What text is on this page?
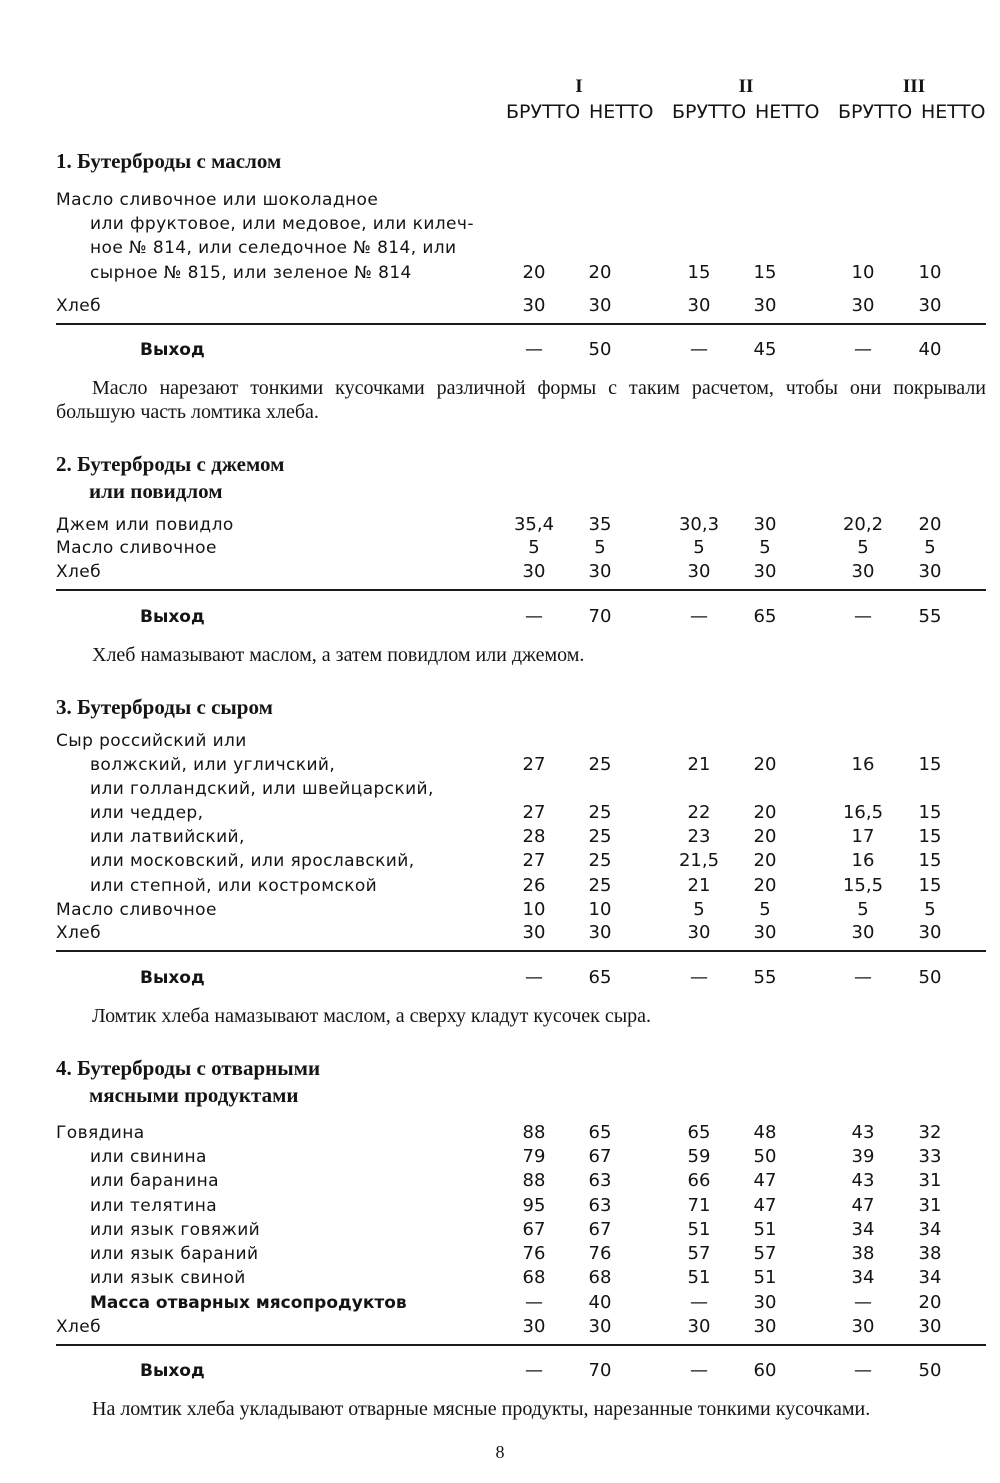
I	II	III
БРУТТО НЕТТО БРУТТО НЕТТО БРУТТО НЕТТО
1. Бутерброды с маслом
Масло сливочное или шоколадное
или фруктовое, или медовое, или килеч-
ное № 814, или селедочное № 814, или
сырное № 815, или зеленое № 814	20	20	15	15	10	10
Хлеб	30	30	30	30	30	30
Выход	—	50	—	45	—	40
Масло нарезают тонкими кусочками различной формы с таким расчетом, чтобы они покрывали большую часть ломтика хлеба.
2. Бутерброды с джемом
или повидлом
Джем или повидло	35,4	35	30,3	30	20,2	20
Масло сливочное	5	5	5	5	5	5
Хлеб	30	30	30	30	30	30
Выход	—	70	—	65	—	55
Хлеб намазывают маслом, а затем повидлом или джемом.
3. Бутерброды с сыром
Сыр российский или
волжский, или угличский,	27	25	21	20	16	15
или голландский, или швейцарский,
или чеддер,	27	25	22	20	16,5	15
или латвийский,	28	25	23	20	17	15
или московский, или ярославский,	27	25	21,5	20	16	15
или степной, или костромской	26	25	21	20	15,5	15
Масло сливочное	10	10	5	5	5	5
Хлеб	30	30	30	30	30	30
Выход	—	65	—	55	—	50
Ломтик хлеба намазывают маслом, а сверху кладут кусочек сыра.
4. Бутерброды с отварными
мясными продуктами
Говядина	88	65	65	48	43	32
или свинина	79	67	59	50	39	33
или баранина	88	63	66	47	43	31
или телятина	95	63	71	47	47	31
или язык говяжий	67	67	51	51	34	34
или язык бараний	76	76	57	57	38	38
или язык свиной	68	68	51	51	34	34
Масса отварных мясопродуктов	—	40	—	30	—	20
Хлеб	30	30	30	30	30	30
Выход	—	70	—	60	—	50
На ломтик хлеба укладывают отварные мясные продукты, нарезанные тонкими кусочками.
8
